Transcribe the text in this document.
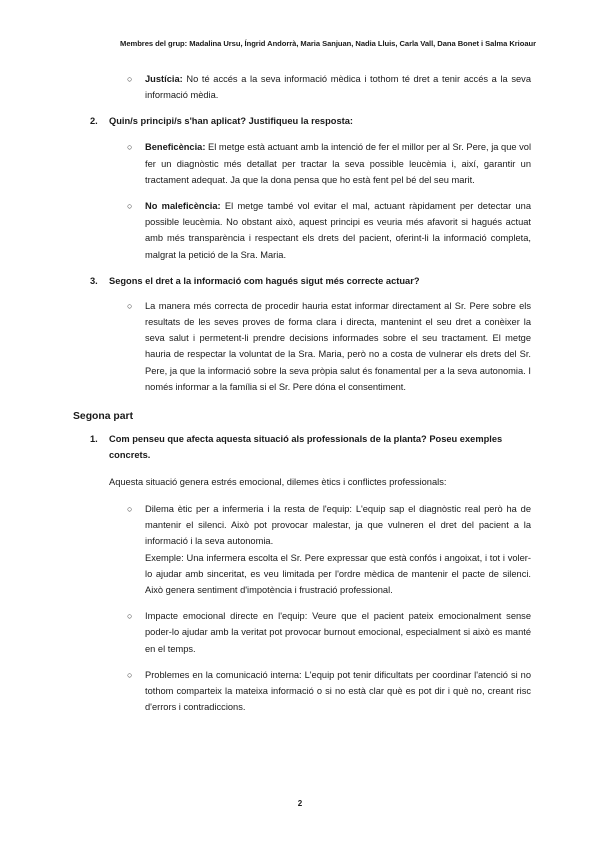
Membres del grup: Madalina Ursu, Íngrid Andorrà, Maria Sanjuan, Nadia Lluis, Carla Vall, Dana Bonet i Salma Krioaur
○ Justícia: No té accés a la seva informació mèdica i tothom té dret a tenir accés a la seva informació mèdia.
2. Quin/s principi/s s'han aplicat? Justifiqueu la resposta:
○ Beneficència: El metge està actuant amb la intenció de fer el millor per al Sr. Pere, ja que vol fer un diagnòstic més detallat per tractar la seva possible leucèmia i, així, garantir un tractament adequat. Ja que la dona pensa que ho està fent pel bé del seu marit.
○ No maleficència: El metge també vol evitar el mal, actuant ràpidament per detectar una possible leucèmia. No obstant això, aquest principi es veuria més afavorit si hagués actuat amb més transparència i respectant els drets del pacient, oferint-li la informació completa, malgrat la petició de la Sra. Maria.
3. Segons el dret a la informació com hagués sigut més correcte actuar?
○ La manera més correcta de procedir hauria estat informar directament al Sr. Pere sobre els resultats de les seves proves de forma clara i directa, mantenint el seu dret a conèixer la seva salut i permetent-li prendre decisions informades sobre el seu tractament. El metge hauria de respectar la voluntat de la Sra. Maria, però no a costa de vulnerar els drets del Sr. Pere, ja que la informació sobre la seva pròpia salut és fonamental per a la seva autonomia. I només informar a la família si el Sr. Pere dóna el consentiment.
Segona part
1. Com penseu que afecta aquesta situació als professionals de la planta? Poseu exemples concrets.
Aquesta situació genera estrés emocional, dilemes ètics i conflictes professionals:
○ Dilema ètic per a infermeria i la resta de l'equip: L'equip sap el diagnòstic real però ha de mantenir el silenci. Això pot provocar malestar, ja que vulneren el dret del pacient a la informació i la seva autonomia.
Exemple: Una infermera escolta el Sr. Pere expressar que està confós i angoixat, i tot i voler-lo ajudar amb sinceritat, es veu limitada per l'ordre mèdica de mantenir el pacte de silenci. Això genera sentiment d'impotència i frustració professional.
○ Impacte emocional directe en l'equip: Veure que el pacient pateix emocionalment sense poder-lo ajudar amb la veritat pot provocar burnout emocional, especialment si això es manté en el temps.
○ Problemes en la comunicació interna: L'equip pot tenir dificultats per coordinar l'atenció si no tothom comparteix la mateixa informació o si no està clar què es pot dir i què no, creant risc d'errors i contradiccions.
2
